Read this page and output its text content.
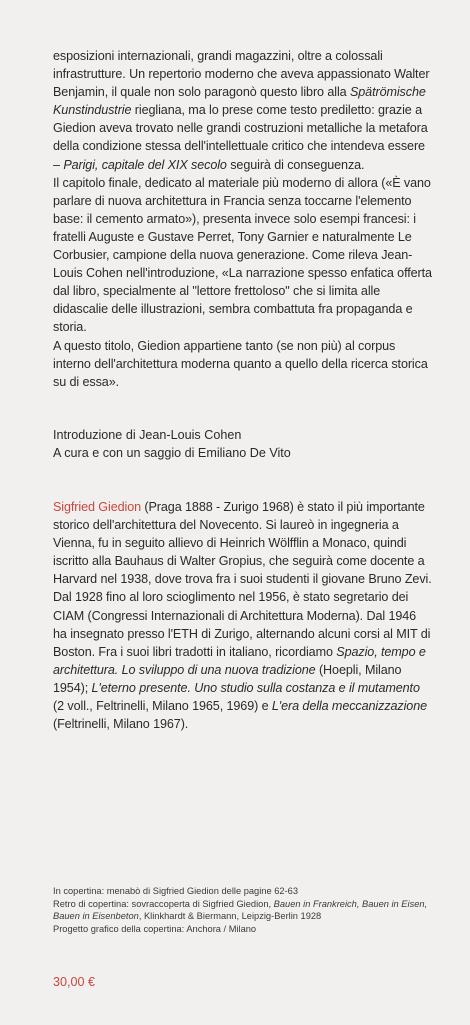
esposizioni internazionali, grandi magazzini, oltre a colossali infrastrutture. Un repertorio moderno che aveva appassionato Walter Benjamin, il quale non solo paragonò questo libro alla Spätrömische Kunstindustrie riegliana, ma lo prese come testo prediletto: grazie a Giedion aveva trovato nelle grandi costruzioni metalliche la metafora della condizione stessa dell'intellettuale critico che intendeva essere – Parigi, capitale del XIX secolo seguirà di conseguenza.

Il capitolo finale, dedicato al materiale più moderno di allora («È vano parlare di nuova architettura in Francia senza toccarne l'elemento base: il cemento armato»), presenta invece solo esempi francesi: i fratelli Auguste e Gustave Perret, Tony Garnier e naturalmente Le Corbusier, campione della nuova generazione. Come rileva Jean-Louis Cohen nell'introduzione, «La narrazione spesso enfatica offerta dal libro, specialmente al "lettore frettoloso" che si limita alle didascalie delle illustrazioni, sembra combattuta fra propaganda e storia.

A questo titolo, Giedion appartiene tanto (se non più) al corpus interno dell'architettura moderna quanto a quello della ricerca storica su di essa».

Introduzione di Jean-Louis Cohen

A cura e con un saggio di Emiliano De Vito

Sigfried Giedion (Praga 1888 - Zurigo 1968) è stato il più importante storico dell'architettura del Novecento. Si laureò in ingegneria a Vienna, fu in seguito allievo di Heinrich Wölfflin a Monaco, quindi iscritto alla Bauhaus di Walter Gropius, che seguirà come docente a Harvard nel 1938, dove trova fra i suoi studenti il giovane Bruno Zevi. Dal 1928 fino al loro scioglimento nel 1956, è stato segretario dei CIAM (Congressi Internazionali di Architettura Moderna). Dal 1946 ha insegnato presso l'ETH di Zurigo, alternando alcuni corsi al MIT di Boston. Fra i suoi libri tradotti in italiano, ricordiamo Spazio, tempo e architettura. Lo sviluppo di una nuova tradizione (Hoepli, Milano 1954); L'eterno presente. Uno studio sulla costanza e il mutamento (2 voll., Feltrinelli, Milano 1965, 1969) e L'era della meccanizzazione (Feltrinelli, Milano 1967).

In copertina: menabò di Sigfried Giedion delle pagine 62-63

Retro di copertina: sovraccoperta di Sigfried Giedion, Bauen in Frankreich, Bauen in Eisen, Bauen in Eisenbeton, Klinkhardt & Biermann, Leipzig-Berlin 1928

Progetto grafico della copertina: Anchora / Milano

30,00 €
